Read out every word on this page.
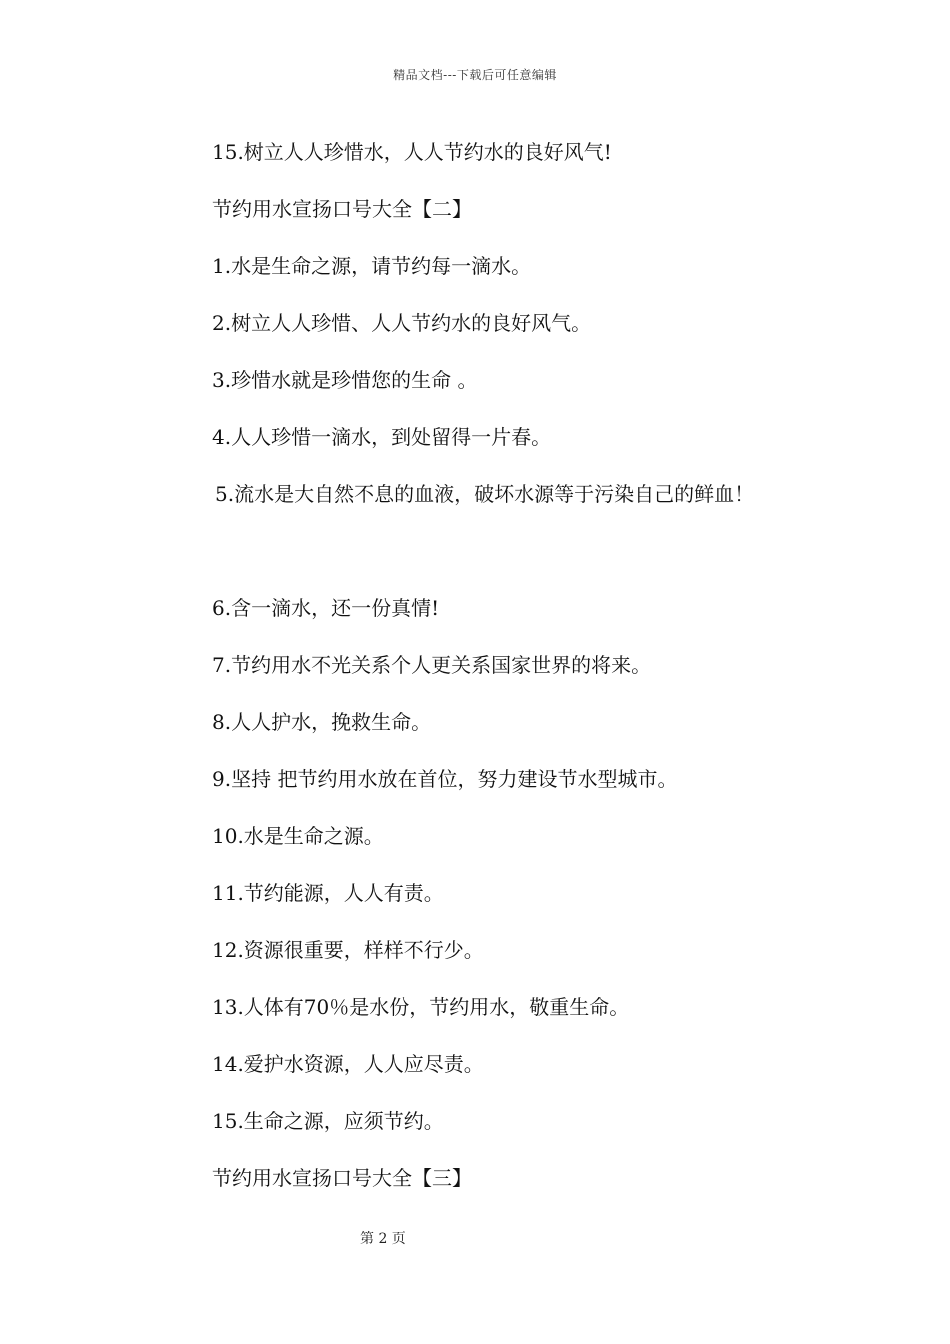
精品文档---下载后可任意编辑
15.树立人人珍惜水，人人节约水的良好风气!
节约用水宣扬口号大全【二】
1.水是生命之源，请节约每一滴水。
2.树立人人珍惜、人人节约水的良好风气。
3.珍惜水就是珍惜您的生命 。
4.人人珍惜一滴水，到处留得一片春。
5.流水是大自然不息的血液，破坏水源等于污染自己的鲜血！
6.含一滴水，还一份真情!
7.节约用水不光关系个人更关系国家世界的将来。
8.人人护水，挽救生命。
9.坚持 把节约用水放在首位，努力建设节水型城市。
10.水是生命之源。
11.节约能源，人人有责。
12.资源很重要，样样不行少。
13.人体有70％是水份，节约用水，敬重生命。
14.爱护水资源，人人应尽责。
15.生命之源，应须节约。
节约用水宣扬口号大全【三】
第 2 页
